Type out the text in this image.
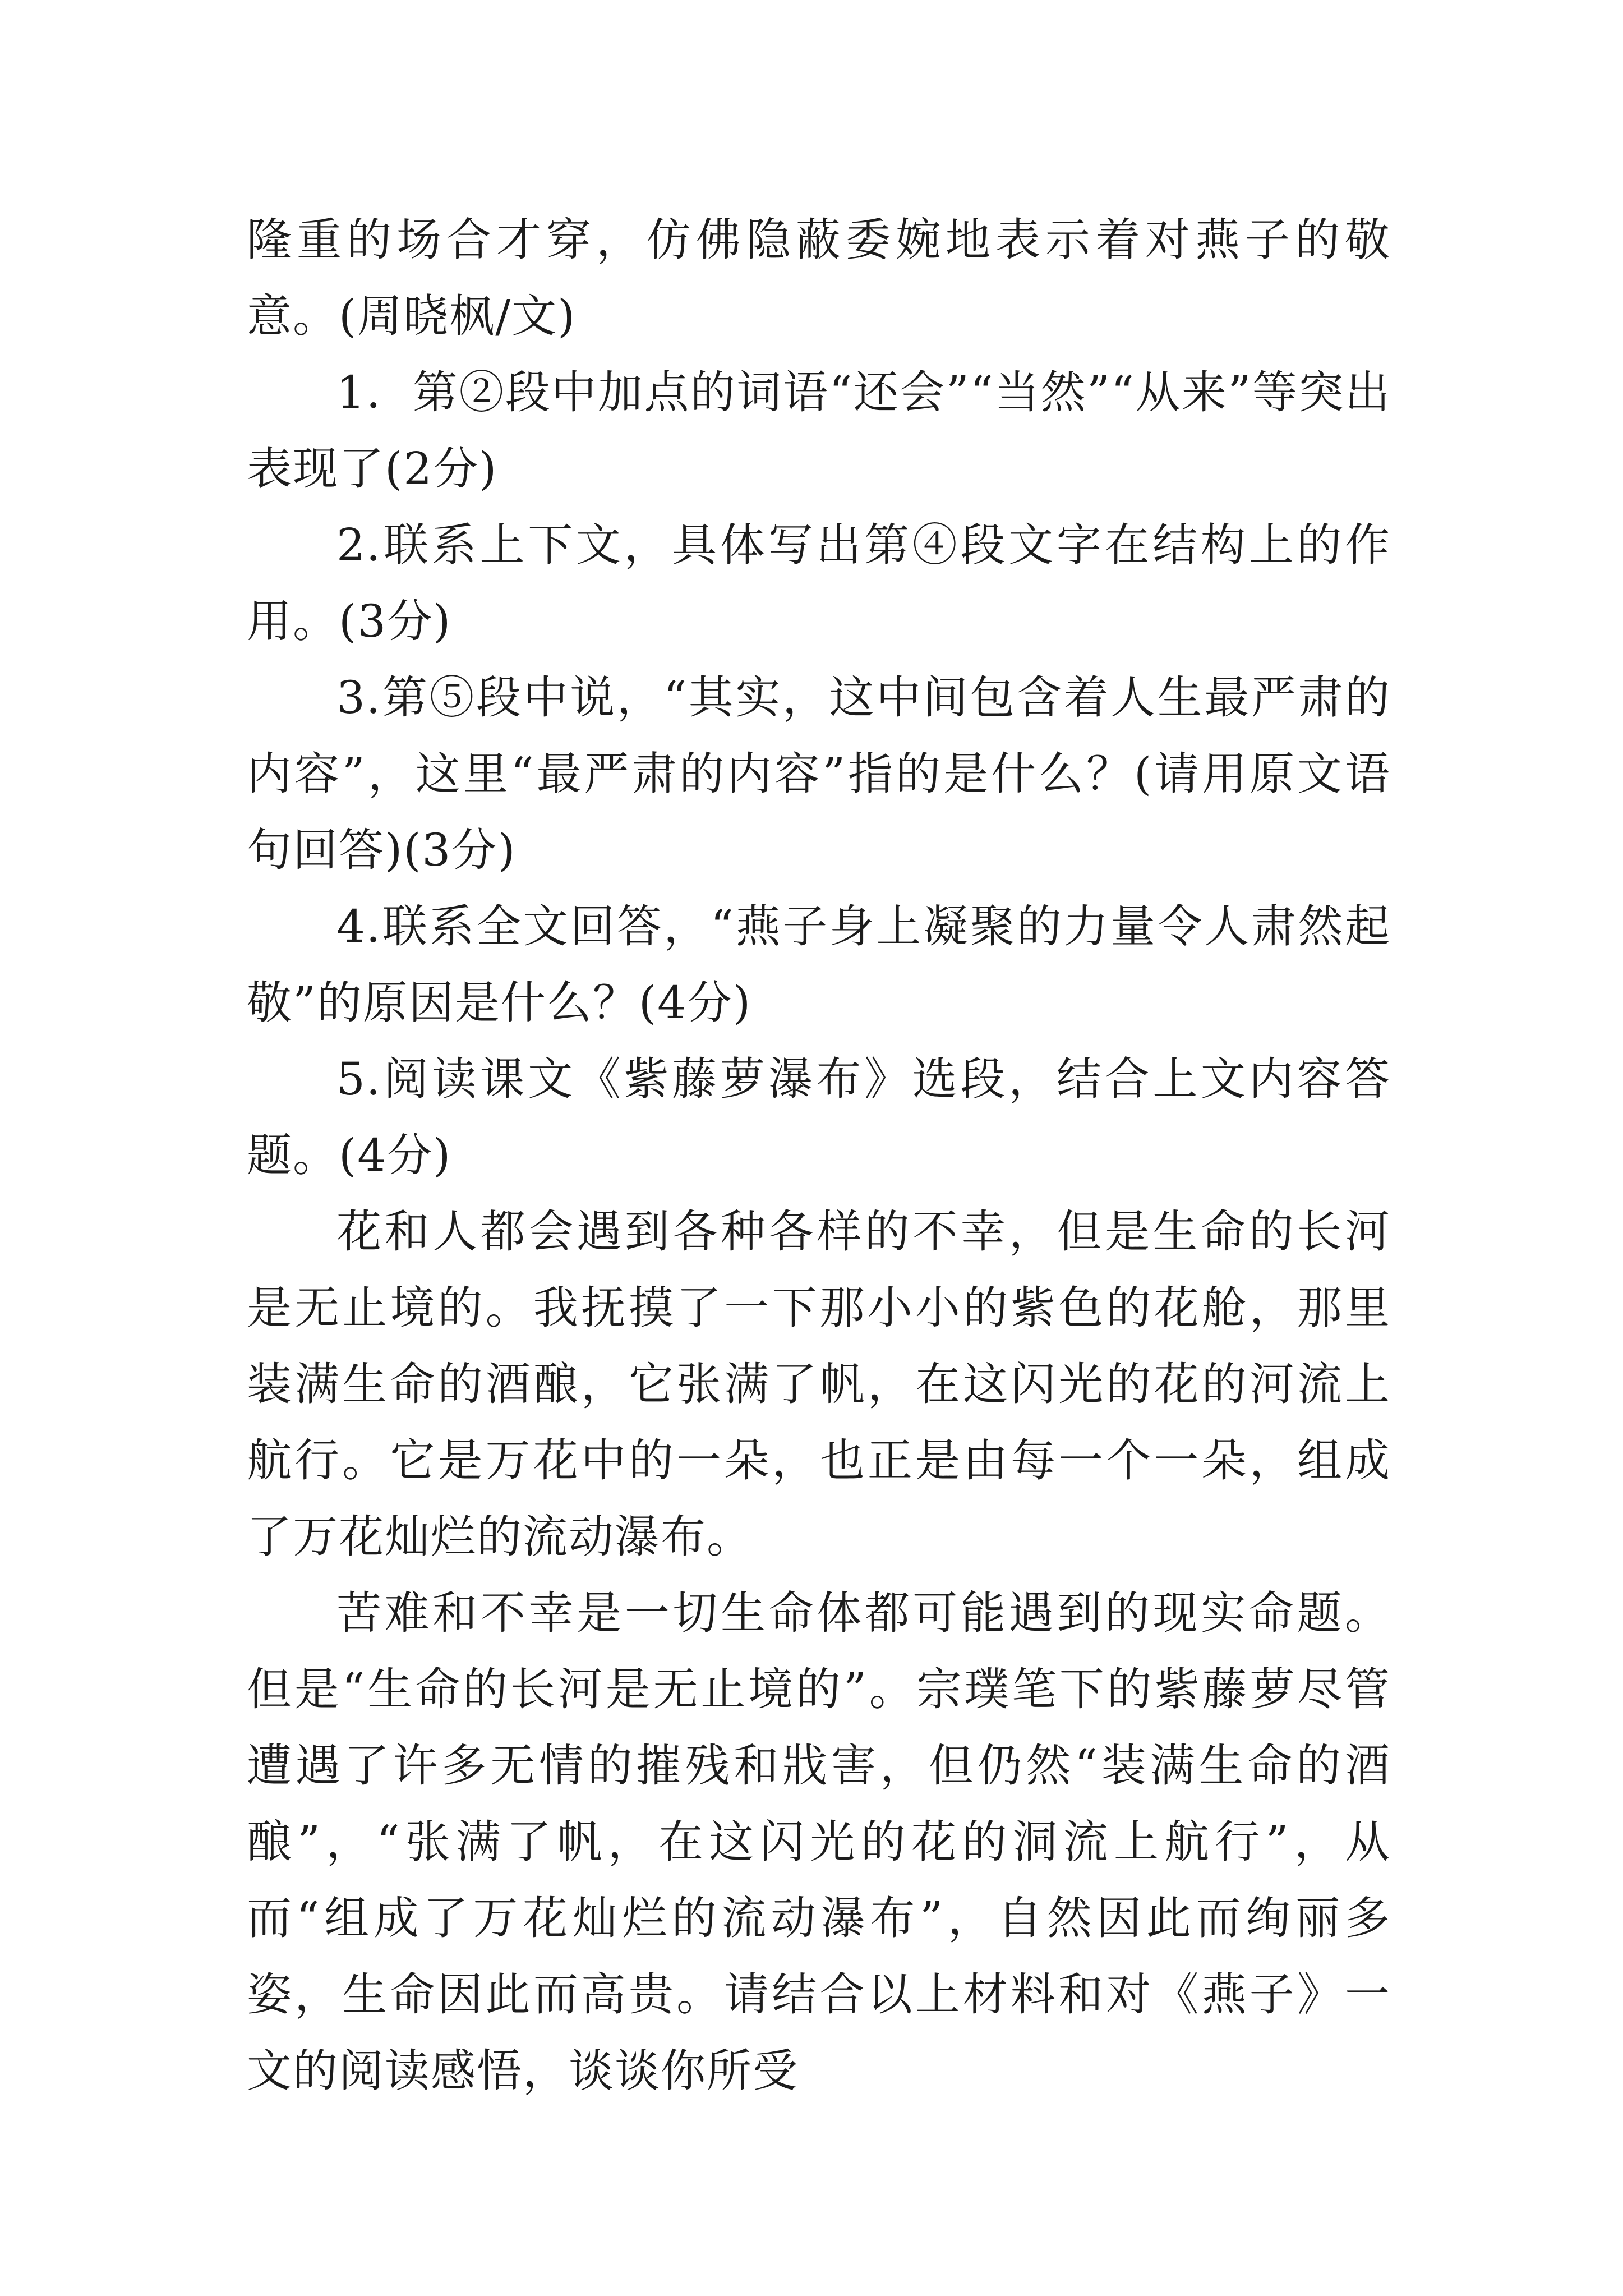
隆重的场合才穿，仿佛隐蔽委婉地表示着对燕子的敬意。(周晓枫/文)

1．第②段中加点的词语“还会”“当然”“从来”等突出表现了(2分)

2.联系上下文，具体写出第④段文字在结构上的作用。(3分)

3.第⑤段中说，“其实，这中间包含着人生最严肃的内容”，这里“最严肃的内容”指的是什么？(请用原文语句回答)(3分)

4.联系全文回答，“燕子身上凝聚的力量令人肃然起敬”的原因是什么？(4分)

5.阅读课文《紫藤萝瀑布》选段，结合上文内容答题。(4分)

花和人都会遇到各种各样的不幸，但是生命的长河是无止境的。我抚摸了一下那小小的紫色的花舱，那里装满生命的酒酿，它张满了帆，在这闪光的花的河流上航行。它是万花中的一朵，也正是由每一个一朵，组成了万花灿烂的流动瀑布。

苦难和不幸是一切生命体都可能遇到的现实命题。但是“生命的长河是无止境的”。宗璞笔下的紫藤萝尽管遭遇了许多无情的摧残和戕害，但仍然“装满生命的酒酿”，“张满了帆，在这闪光的花的洞流上航行”，从而“组成了万花灿烂的流动瀑布”，自然因此而绚丽多姿，生命因此而高贵。请结合以上材料和对《燕子》一文的阅读感悟，谈谈你所受
